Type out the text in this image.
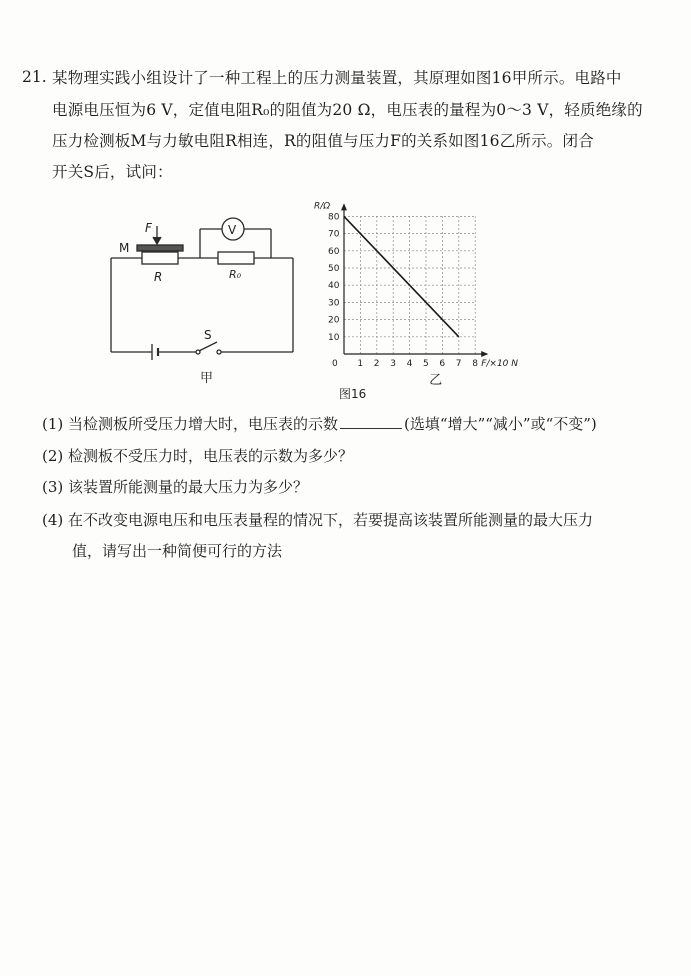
21. 某物理实践小组设计了一种工程上的压力测量装置，其原理如图16甲所示。电路中
电源电压恒为6 V，定值电阻R₀的阻值为20 Ω，电压表的量程为0～3 V，轻质绝缘的
压力检测板M与力敏电阻R相连，R的阻值与压力F的关系如图16乙所示。闭合
开关S后，试问：
F
M
R	R₀
V
S
甲
1 2 3 4 5 6 7 8
10
20
30
40
50
60
70
80
0
R/Ω
F/×10 N
乙
图16
(1) 当检测板所受压力增大时，电压表的示数	(选填“增大”“减小”或“不变”)
(2) 检测板不受压力时，电压表的示数为多少？
(3) 该装置所能测量的最大压力为多少？
(4) 在不改变电源电压和电压表量程的情况下，若要提高该装置所能测量的最大压力
值，请写出一种简便可行的方法
